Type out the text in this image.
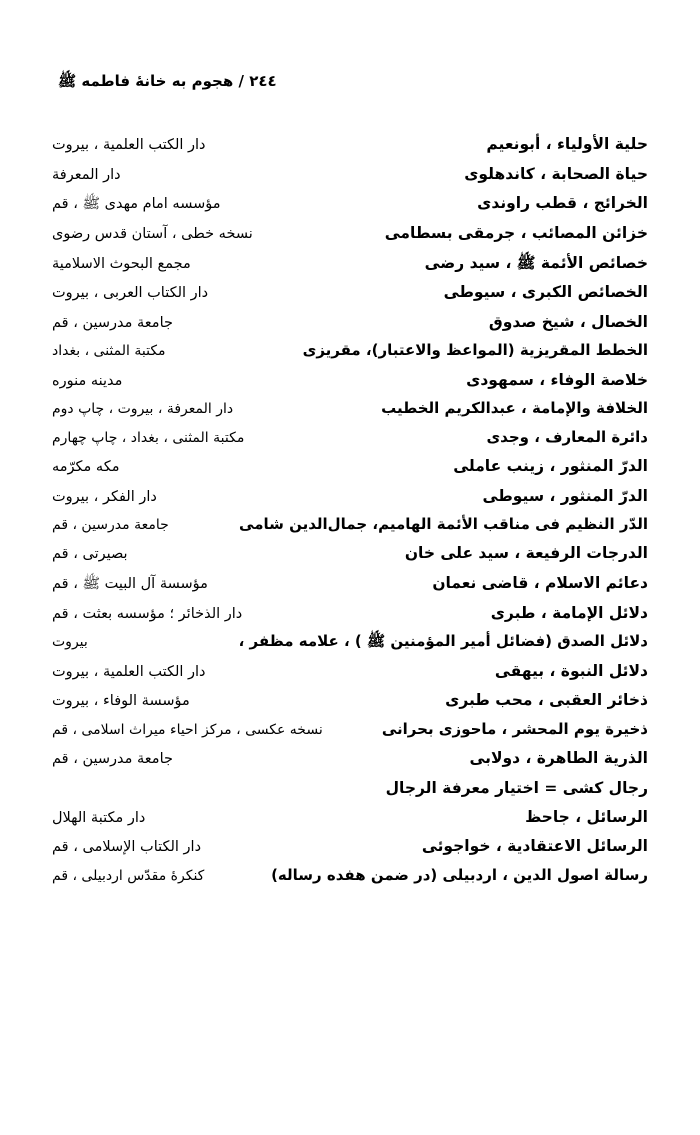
٢٤٤ / هجوم به خانهٔ فاطمه ﷺ
حلية الأولياء ، أبونعيم
دار الكتب العلمية ، بيروت
حياة الصحابة ، كاندهلوى
دار المعرفة
الخرائج ، قطب راوندى
مؤسسه امام مهدى ﷺ ، قم
خزائن المصائب ، جرمقى بسطامى
نسخه خطى ، آستان قدس رضوى
خصائص الأئمة ﷺ ، سيد رضى
مجمع البحوث الاسلامية
الخصائص الكبرى ، سيوطى
دار الكتاب العربى ، بيروت
الخصال ، شيخ صدوق
جامعة مدرسين ، قم
الخطط المقريزية (المواعظ والاعتبار)، مقريزى
مكتبة المثنى ، بغداد
خلاصة الوفاء ، سمهودى
مدينه منوره
الخلافة والإمامة ، عبدالكريم الخطيب
دار المعرفة ، بيروت ، چاپ دوم
دائرة المعارف ، وجدى
مكتبة المثنى ، بغداد ، چاپ چهارم
الدرّ المنثور ، زينب عاملى
مكه مكرّمه
الدرّ المنثور ، سيوطى
دار الفكر ، بيروت
الدّر النظيم فى مناقب الأئمة الهاميم، جمال‌الدين شامى
جامعة مدرسين ، قم
الدرجات الرفيعة ، سيد على خان
بصيرتى ، قم
دعائم الاسلام ، قاضى نعمان
مؤسسة آل البيت ﷺ ، قم
دلائل الإمامة ، طبرى
دار الذخائر ؛ مؤسسه بعثت ، قم
دلائل الصدق (فضائل أمير المؤمنين ﷺ ) ، علامه مظفر ،
بيروت
دلائل النبوة ، بيهقى
دار الكتب العلمية ، بيروت
ذخائر العقبى ، محب طبرى
مؤسسة الوفاء ، بيروت
ذخيرة يوم المحشر ، ماحوزى بحرانى
نسخه عكسى ، مركز احياء ميراث اسلامى ، قم
الذرية الطاهرة ، دولابى
جامعة مدرسين ، قم
رجال كشى = اختيار معرفة الرجال
الرسائل ، جاحظ
دار مكتبة الهلال
الرسائل الاعتقادية ، خواجوئى
دار الكتاب الإسلامى ، قم
رسالة اصول الدين ، اردبيلى (در ضمن هفده رساله)
كنكرهٔ مقدّس اردبيلى ، قم
